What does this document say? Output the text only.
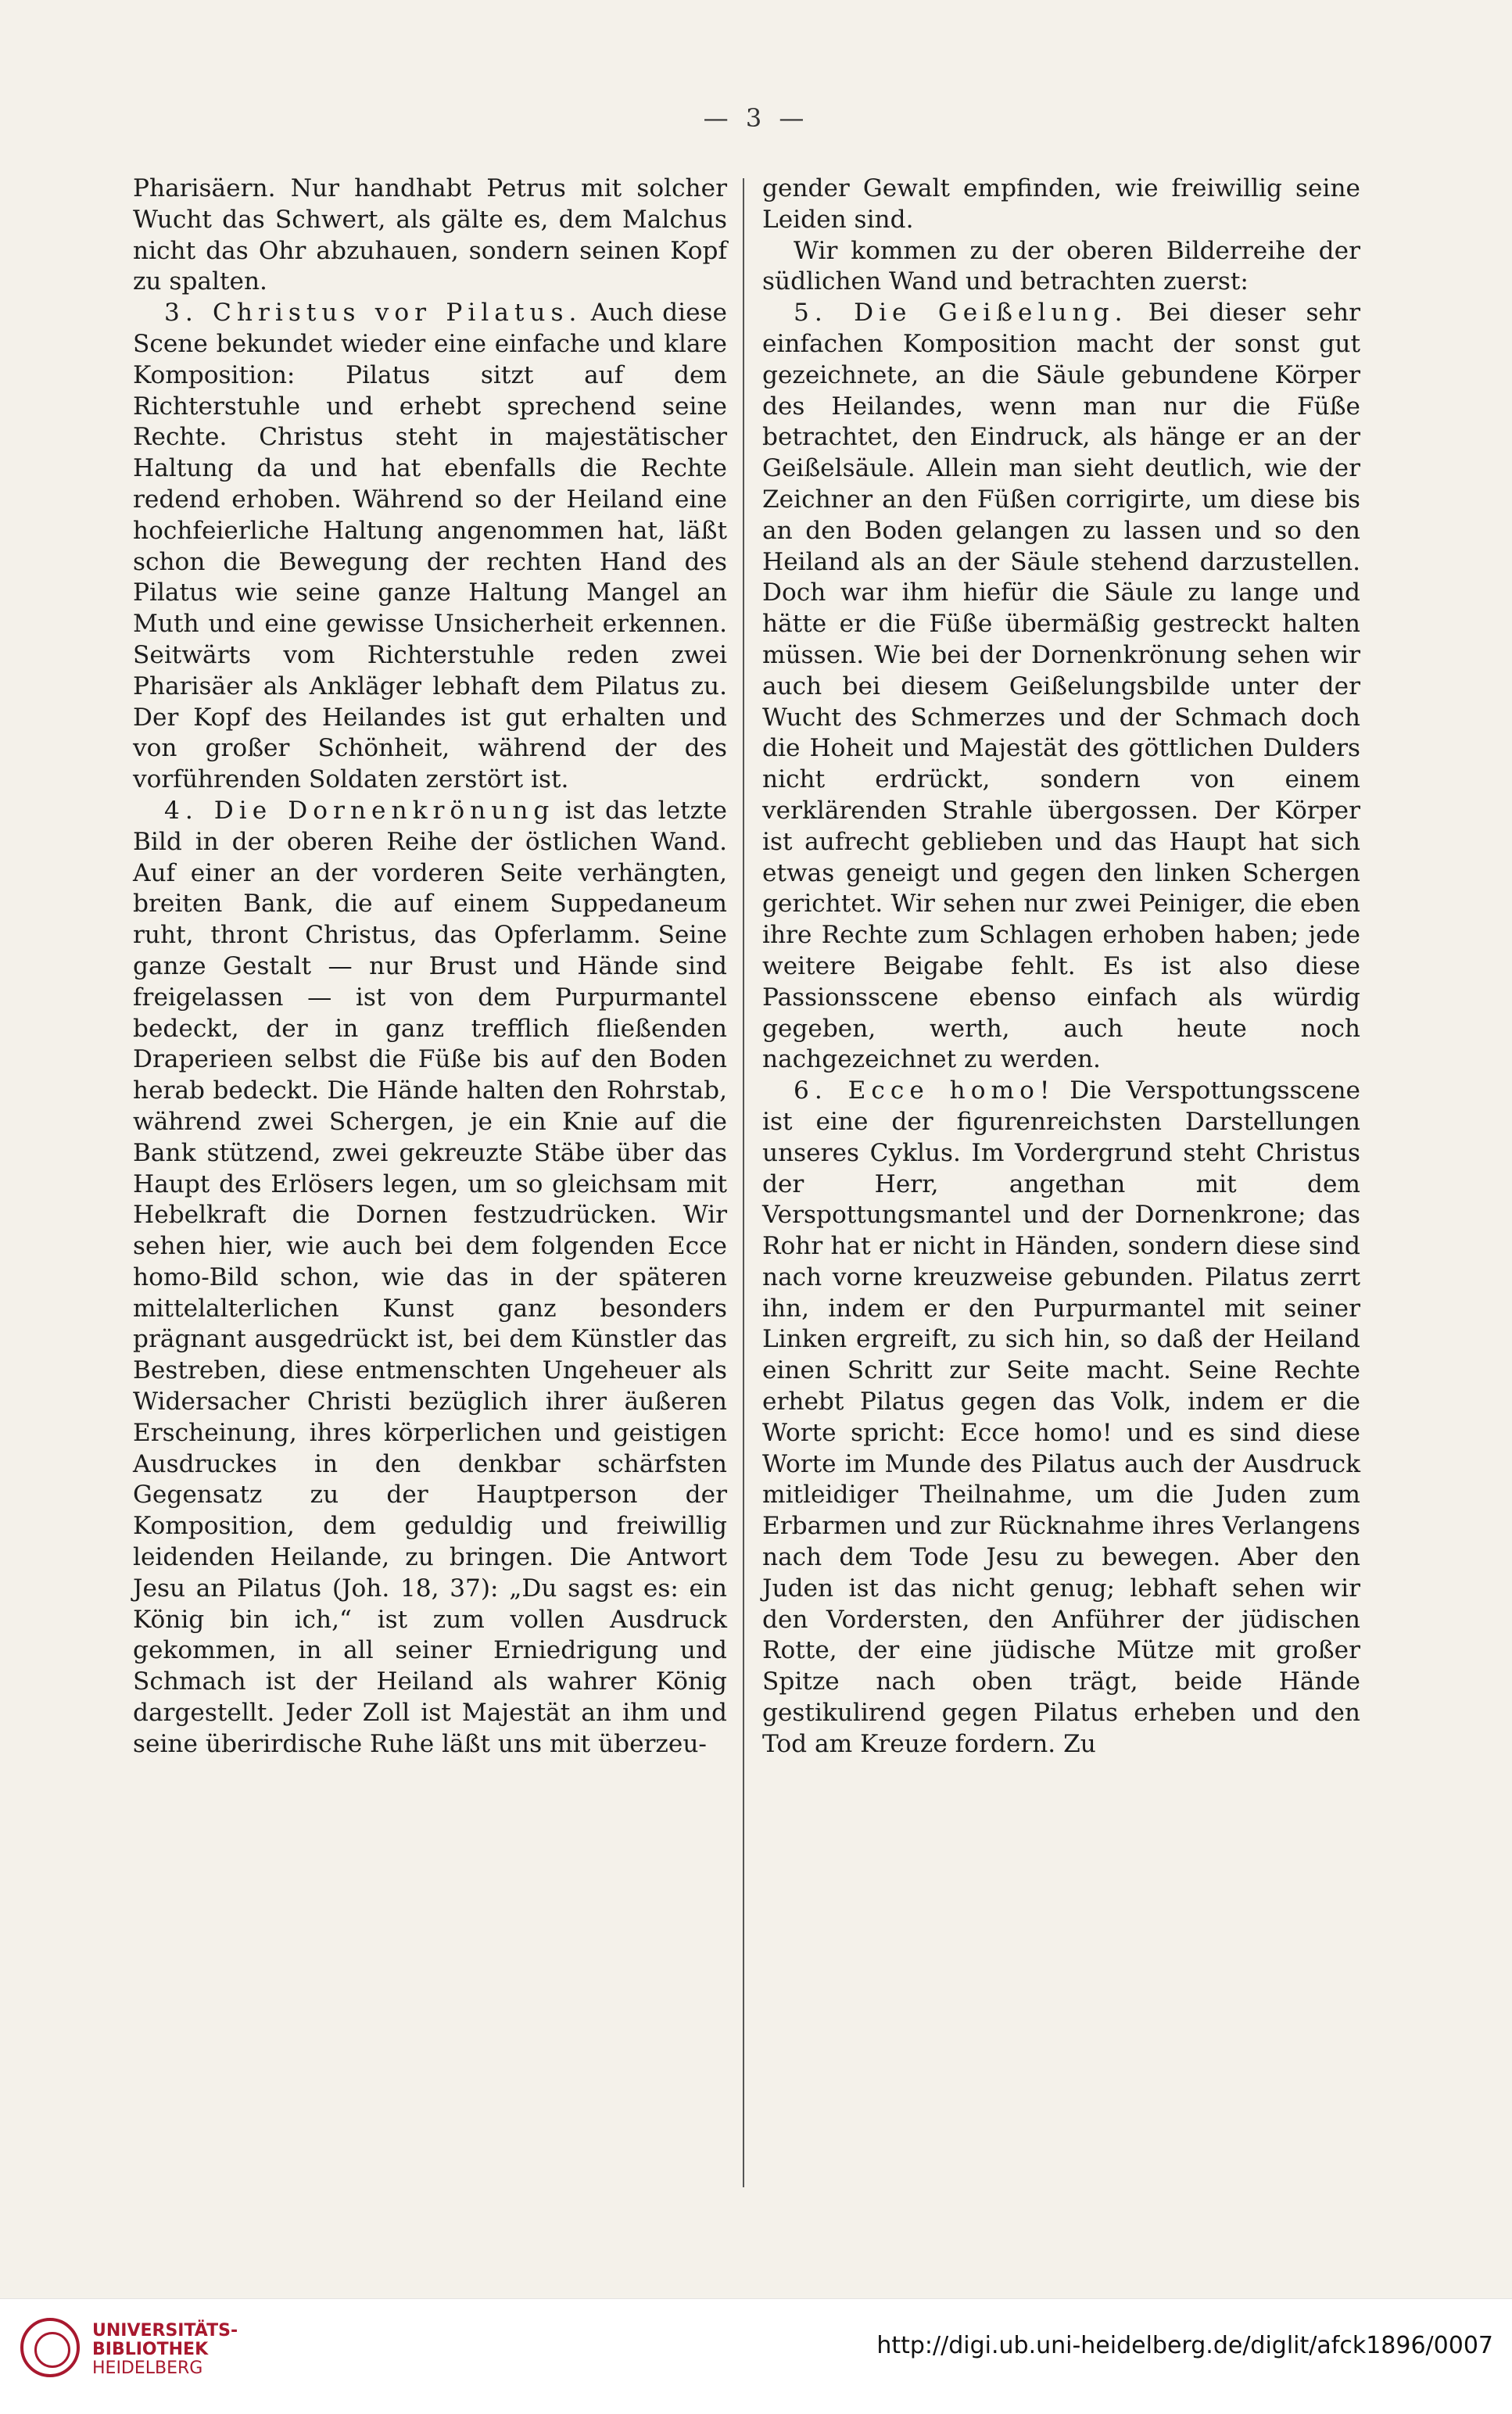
— 3 —

Pharisäern. Nur handhabt Petrus mit solcher Wucht das Schwert, als gälte es, dem Malchus nicht das Ohr abzuhauen, sondern seinen Kopf zu spalten.

3. Christus vor Pilatus. Auch diese Scene bekundet wieder eine einfache und klare Komposition: Pilatus sitzt auf dem Richterstuhle und erhebt sprechend seine Rechte. Christus steht in majestätischer Haltung da und hat ebenfalls die Rechte redend erhoben. Während so der Heiland eine hochfeierliche Haltung angenommen hat, läßt schon die Bewegung der rechten Hand des Pilatus wie seine ganze Haltung Mangel an Muth und eine gewisse Unsicherheit erkennen. Seitwärts vom Richterstuhle reden zwei Pharisäer als Ankläger lebhaft dem Pilatus zu. Der Kopf des Heilandes ist gut erhalten und von großer Schönheit, während der des vorführenden Soldaten zerstört ist.

4. Die Dornenkrönung ist das letzte Bild in der oberen Reihe der östlichen Wand. Auf einer an der vorderen Seite verhängten, breiten Bank, die auf einem Suppedaneum ruht, thront Christus, das Opferlamm. Seine ganze Gestalt — nur Brust und Hände sind freigelassen — ist von dem Purpurmantel bedeckt, der in ganz trefflich fließenden Draperieen selbst die Füße bis auf den Boden herab bedeckt. Die Hände halten den Rohrstab, während zwei Schergen, je ein Knie auf die Bank stützend, zwei gekreuzte Stäbe über das Haupt des Erlösers legen, um so gleichsam mit Hebelkraft die Dornen festzudrücken. Wir sehen hier, wie auch bei dem folgenden Ecce homo-Bild schon, wie das in der späteren mittelalterlichen Kunst ganz besonders prägnant ausgedrückt ist, bei dem Künstler das Bestreben, diese entmenschten Ungeheuer als Widersacher Christi bezüglich ihrer äußeren Erscheinung, ihres körperlichen und geistigen Ausdruckes in den denkbar schärfsten Gegensatz zu der Hauptperson der Komposition, dem geduldig und freiwillig leidenden Heilande, zu bringen. Die Antwort Jesu an Pilatus (Joh. 18, 37): „Du sagst es: ein König bin ich,“ ist zum vollen Ausdruck gekommen, in all seiner Erniedrigung und Schmach ist der Heiland als wahrer König dargestellt. Jeder Zoll ist Majestät an ihm und seine überirdische Ruhe läßt uns mit überzeu-

gender Gewalt empfinden, wie freiwillig seine Leiden sind.

Wir kommen zu der oberen Bilderreihe der südlichen Wand und betrachten zuerst:

5. Die Geißelung. Bei dieser sehr einfachen Komposition macht der sonst gut gezeichnete, an die Säule gebundene Körper des Heilandes, wenn man nur die Füße betrachtet, den Eindruck, als hänge er an der Geißelsäule. Allein man sieht deutlich, wie der Zeichner an den Füßen corrigirte, um diese bis an den Boden gelangen zu lassen und so den Heiland als an der Säule stehend darzustellen. Doch war ihm hiefür die Säule zu lange und hätte er die Füße übermäßig gestreckt halten müssen. Wie bei der Dornenkrönung sehen wir auch bei diesem Geißelungsbilde unter der Wucht des Schmerzes und der Schmach doch die Hoheit und Majestät des göttlichen Dulders nicht erdrückt, sondern von einem verklärenden Strahle übergossen. Der Körper ist aufrecht geblieben und das Haupt hat sich etwas geneigt und gegen den linken Schergen gerichtet. Wir sehen nur zwei Peiniger, die eben ihre Rechte zum Schlagen erhoben haben; jede weitere Beigabe fehlt. Es ist also diese Passionsscene ebenso einfach als würdig gegeben, werth, auch heute noch nachgezeichnet zu werden.

6. Ecce homo! Die Verspottungsscene ist eine der figurenreichsten Darstellungen unseres Cyklus. Im Vordergrund steht Christus der Herr, angethan mit dem Verspottungsmantel und der Dornenkrone; das Rohr hat er nicht in Händen, sondern diese sind nach vorne kreuzweise gebunden. Pilatus zerrt ihn, indem er den Purpurmantel mit seiner Linken ergreift, zu sich hin, so daß der Heiland einen Schritt zur Seite macht. Seine Rechte erhebt Pilatus gegen das Volk, indem er die Worte spricht: Ecce homo! und es sind diese Worte im Munde des Pilatus auch der Ausdruck mitleidiger Theilnahme, um die Juden zum Erbarmen und zur Rücknahme ihres Verlangens nach dem Tode Jesu zu bewegen. Aber den Juden ist das nicht genug; lebhaft sehen wir den Vordersten, den Anführer der jüdischen Rotte, der eine jüdische Mütze mit großer Spitze nach oben trägt, beide Hände gestikulirend gegen Pilatus erheben und den Tod am Kreuze fordern. Zu

UNIVERSITÄTS-
BIBLIOTHEK
HEIDELBERG
http://digi.ub.uni-heidelberg.de/diglit/afck1896/0007
